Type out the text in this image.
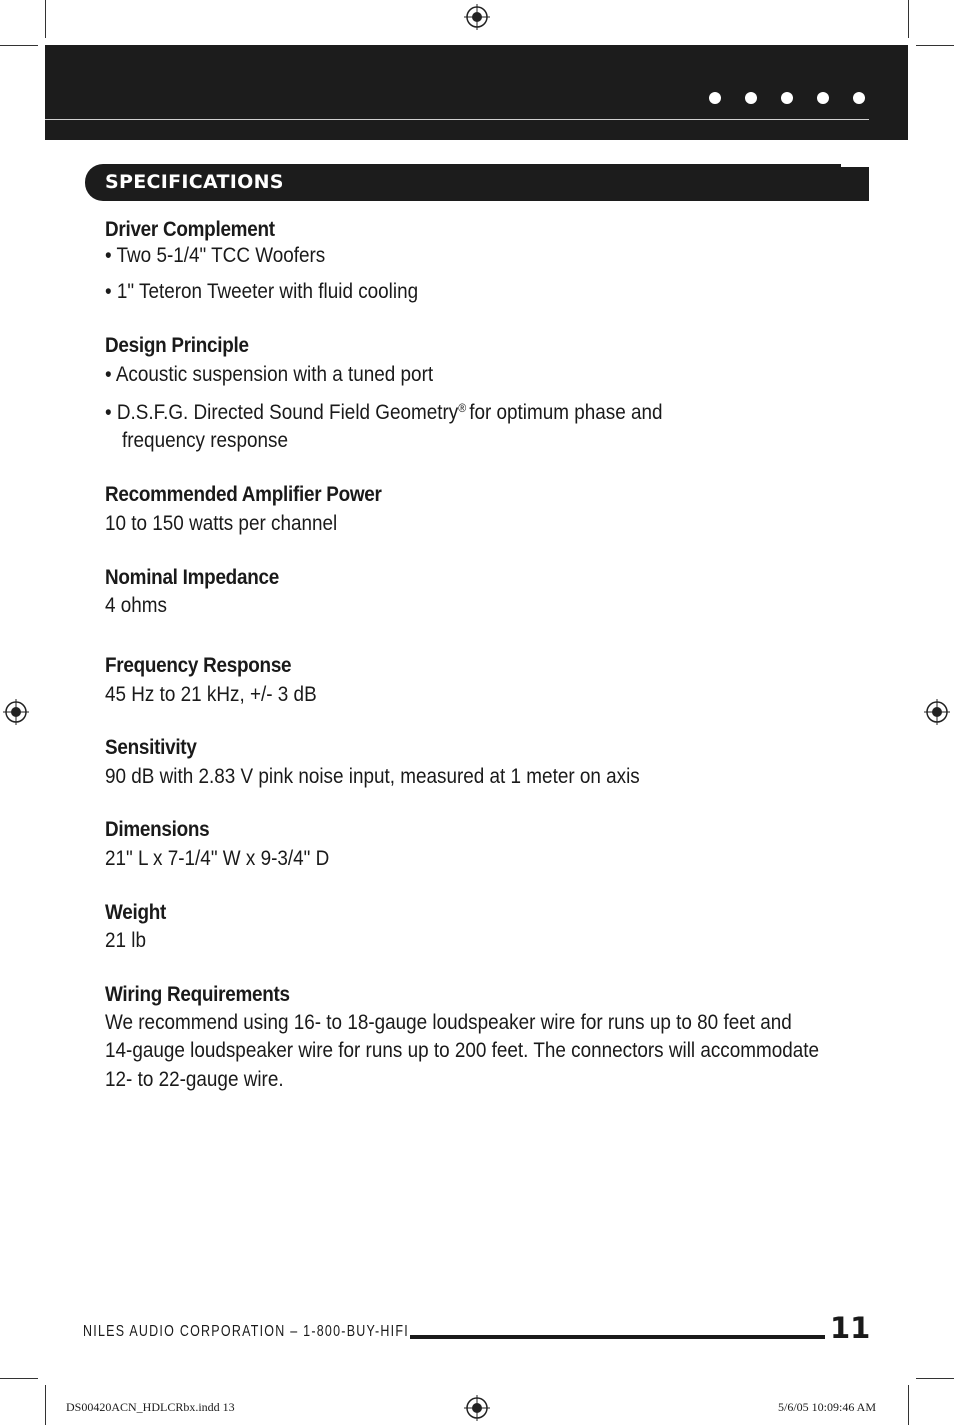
SPECIFICATIONS
Driver Complement
• Two 5-1/4" TCC Woofers
• 1" Teteron Tweeter with fluid cooling
Design Principle
• Acoustic suspension with a tuned port
• D.S.F.G. Directed Sound Field Geometry® for optimum phase and
frequency response
Recommended Amplifier Power
10 to 150 watts per channel
Nominal Impedance
4 ohms
Frequency Response
45 Hz to 21 kHz, +/- 3 dB
Sensitivity
90 dB with 2.83 V pink noise input, measured at 1 meter on axis
Dimensions
21" L x 7-1/4" W x 9-3/4" D
Weight
21 lb
Wiring Requirements
We recommend using 16- to 18-gauge loudspeaker wire for runs up to 80 feet and
14-gauge loudspeaker wire for runs up to 200 feet. The connectors will accommodate
12- to 22-gauge wire.
NILES AUDIO CORPORATION – 1-800-BUY-HIFI	11
DS00420ACN_HDLCRbx.indd 13	5/6/05 10:09:46 AM
